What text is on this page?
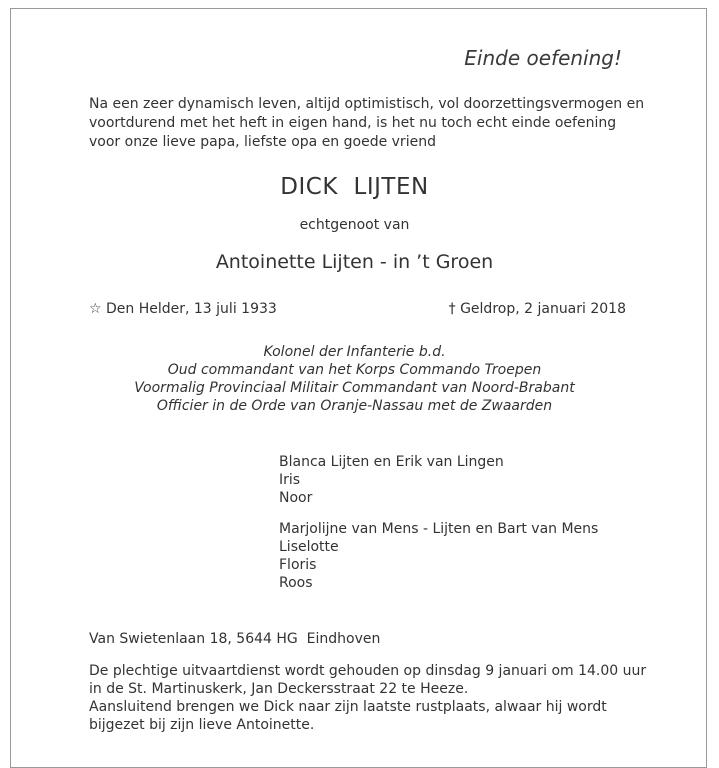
Einde oefening!
Na een zeer dynamisch leven, altijd optimistisch, vol doorzettingsvermogen en
voortdurend met het heft in eigen hand, is het nu toch echt einde oefening
voor onze lieve papa, liefste opa en goede vriend
DICK  LIJTEN
echtgenoot van
Antoinette Lijten - in ’t Groen
☆ Den Helder, 13 juli 1933	† Geldrop, 2 januari 2018
Kolonel der Infanterie b.d.
Oud commandant van het Korps Commando Troepen
Voormalig Provinciaal Militair Commandant van Noord-Brabant
Officier in de Orde van Oranje-Nassau met de Zwaarden
Blanca Lijten en Erik van Lingen
Iris
Noor
Marjolijne van Mens - Lijten en Bart van Mens
Liselotte
Floris
Roos
Van Swietenlaan 18, 5644 HG  Eindhoven
De plechtige uitvaartdienst wordt gehouden op dinsdag 9 januari om 14.00 uur
in de St. Martinuskerk, Jan Deckersstraat 22 te Heeze.
Aansluitend brengen we Dick naar zijn laatste rustplaats, alwaar hij wordt
bijgezet bij zijn lieve Antoinette.
